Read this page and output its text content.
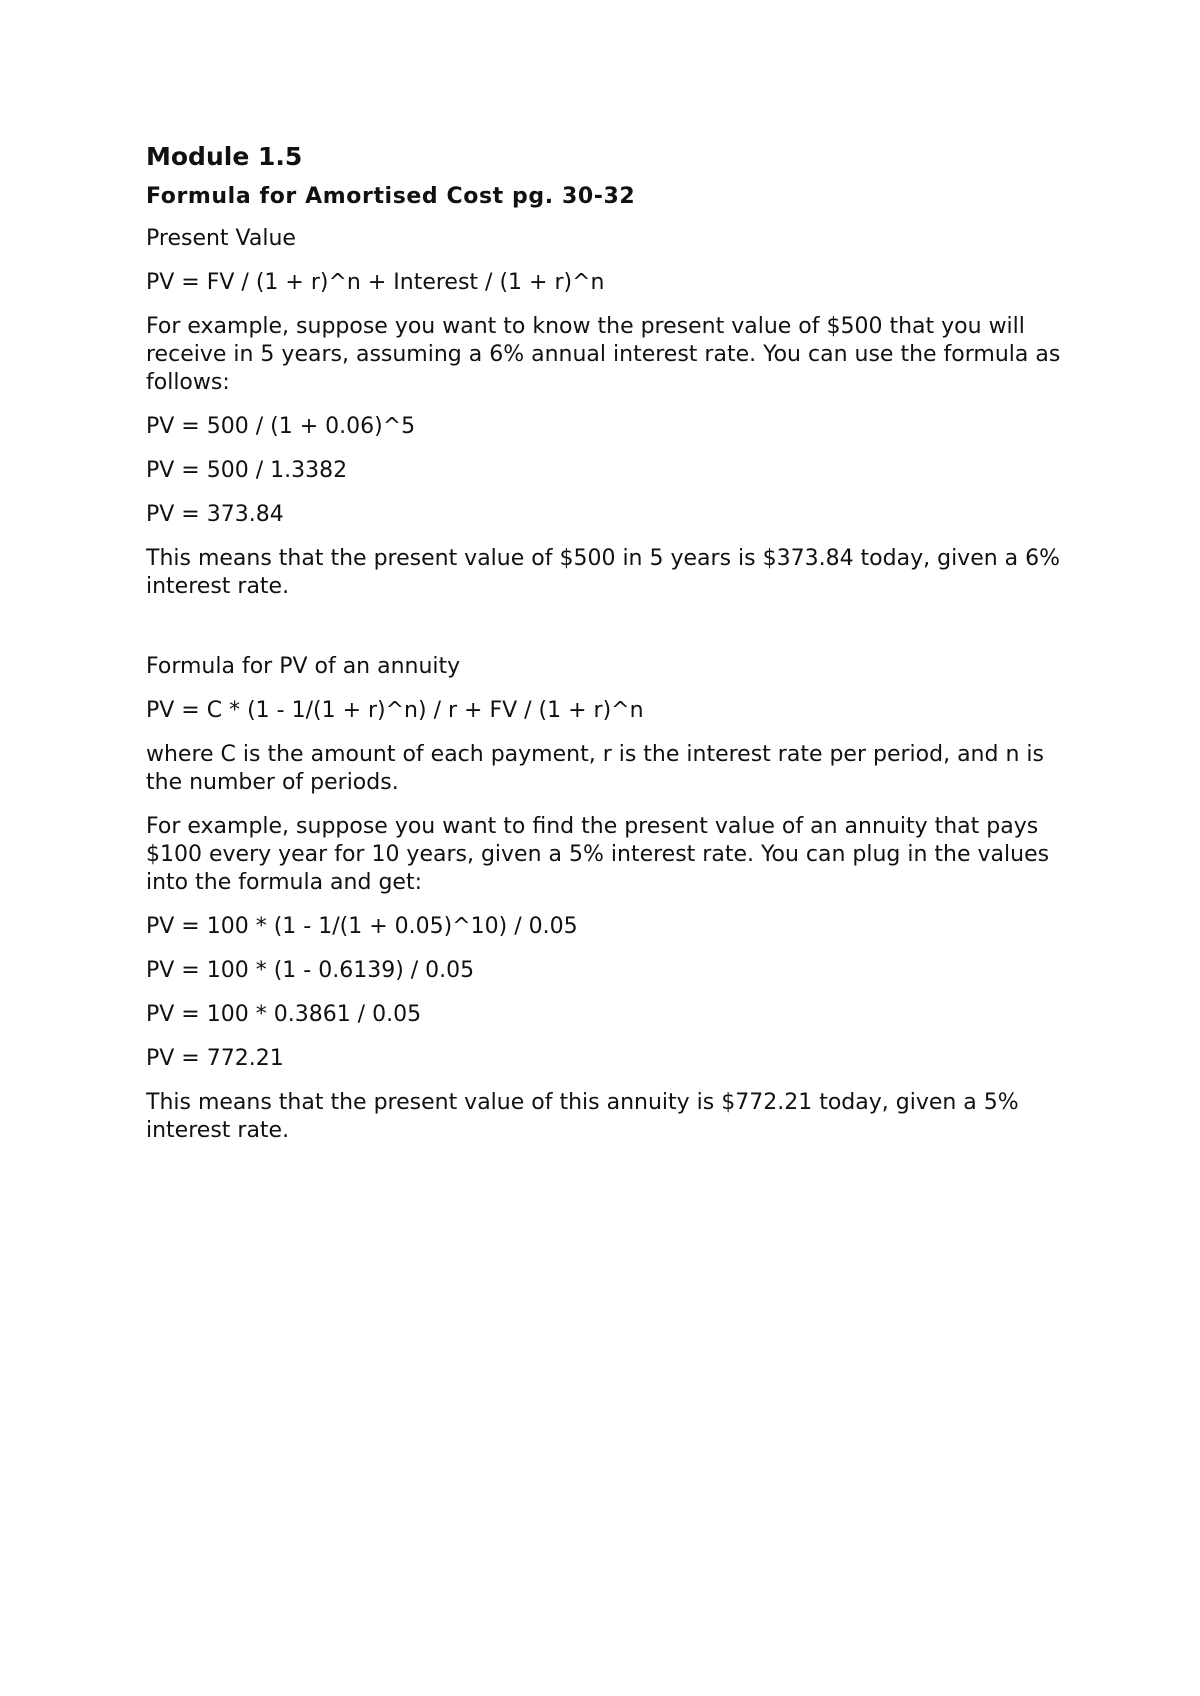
Module 1.5
Formula for Amortised Cost pg. 30-32

Present Value

PV = FV / (1 + r)^n + Interest / (1 + r)^n

For example, suppose you want to know the present value of $500 that you will receive in 5 years, assuming a 6% annual interest rate. You can use the formula as follows:

PV = 500 / (1 + 0.06)^5

PV = 500 / 1.3382

PV = 373.84

This means that the present value of $500 in 5 years is $373.84 today, given a 6% interest rate.

Formula for PV of an annuity

PV = C * (1 - 1/(1 + r)^n) / r + FV / (1 + r)^n

where C is the amount of each payment, r is the interest rate per period, and n is the number of periods.

For example, suppose you want to find the present value of an annuity that pays $100 every year for 10 years, given a 5% interest rate. You can plug in the values into the formula and get:

PV = 100 * (1 - 1/(1 + 0.05)^10) / 0.05

PV = 100 * (1 - 0.6139) / 0.05

PV = 100 * 0.3861 / 0.05

PV = 772.21

This means that the present value of this annuity is $772.21 today, given a 5% interest rate.
